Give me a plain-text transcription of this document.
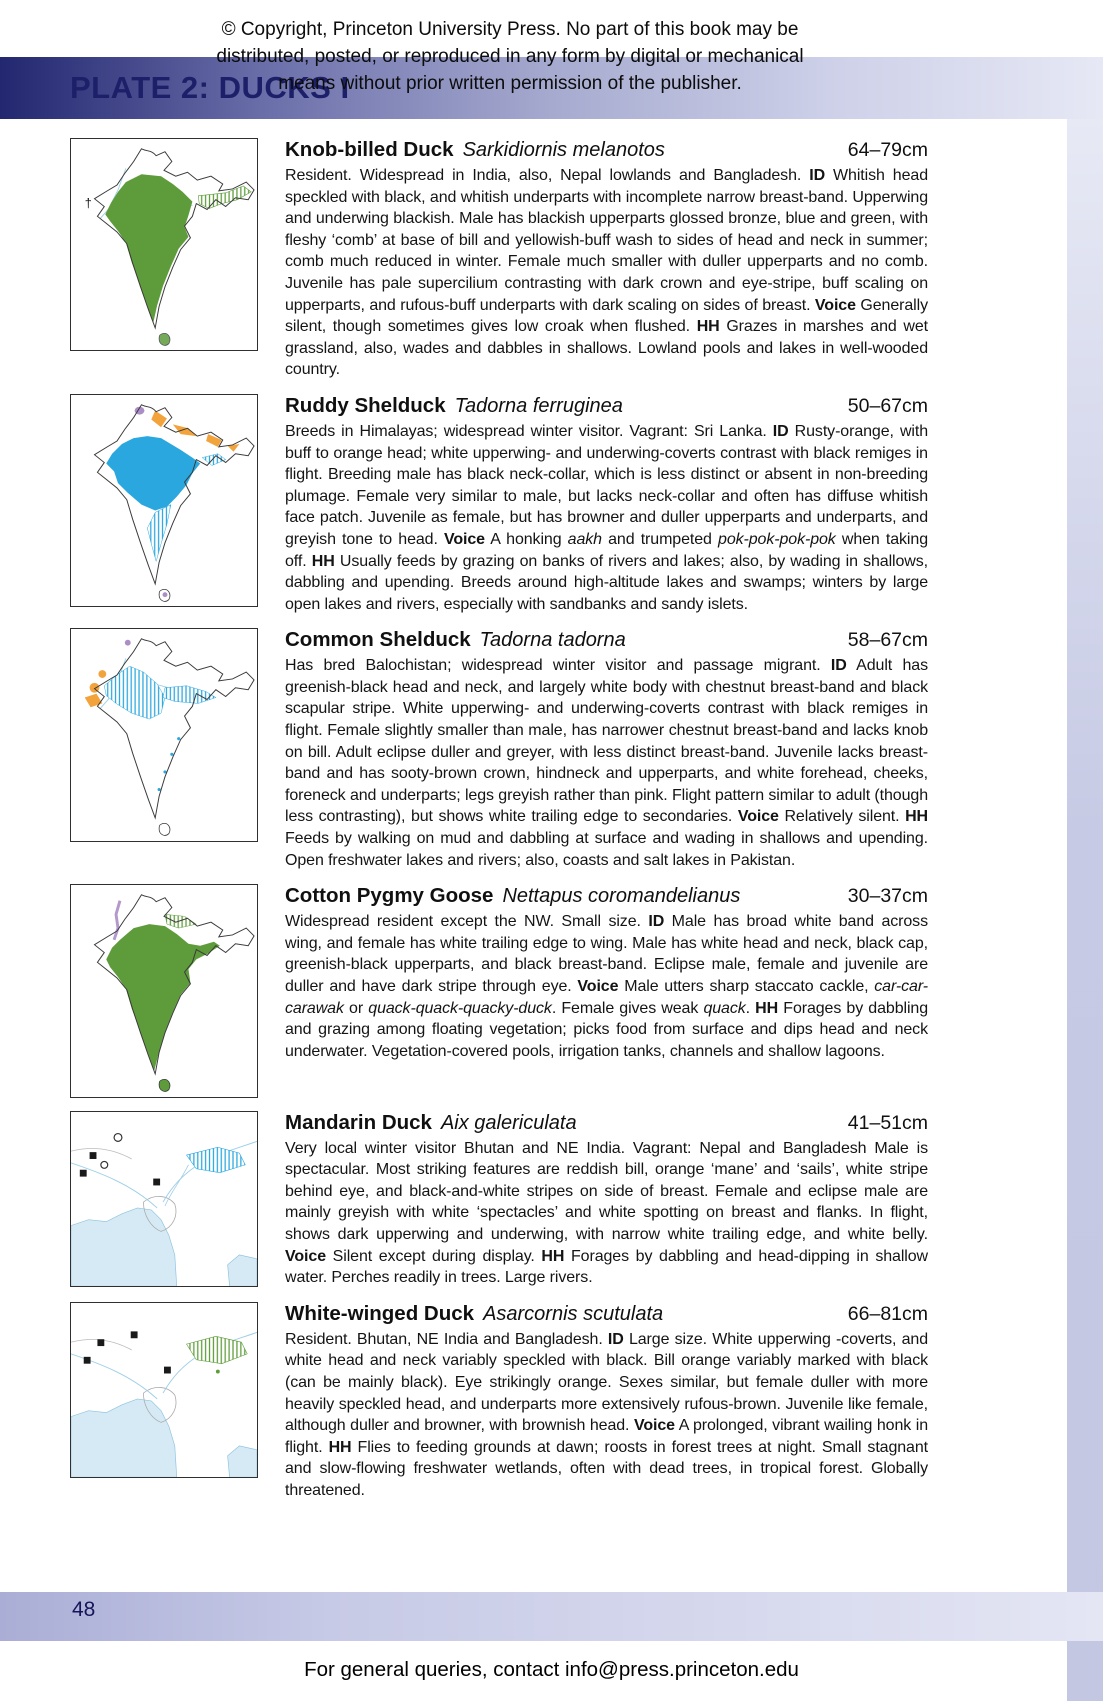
© Copyright, Princeton University Press. No part of this book may be
distributed, posted, or reproduced in any form by digital or mechanical
means without prior written permission of the publisher.
PLATE 2: DUCKS I
†
Knob-billed Duck Sarkidiornis melanotos	64–79cm

Resident. Widespread in India, also, Nepal lowlands and Bangladesh. ID Whitish head speckled with black, and whitish underparts with incomplete narrow breast-band. Upperwing and underwing blackish. Male has blackish upperparts glossed bronze, blue and green, with fleshy ‘comb’ at base of bill and yellowish-buff wash to sides of head and neck in summer; comb much reduced in winter. Female much smaller with duller upperparts and no comb. Juvenile has pale supercilium contrasting with dark crown and eye-stripe, buff scaling on upperparts, and rufous-buff underparts with dark scaling on sides of breast. Voice Generally silent, though sometimes gives low croak when flushed. HH Grazes in marshes and wet grassland, also, wades and dabbles in shallows. Lowland pools and lakes in well-wooded country.

Ruddy Shelduck Tadorna ferruginea	50–67cm

Breeds in Himalayas; widespread winter visitor. Vagrant: Sri Lanka. ID Rusty-orange, with buff to orange head; white upperwing- and underwing-coverts contrast with black remiges in flight. Breeding male has black neck-collar, which is less distinct or absent in non-breeding plumage. Female very similar to male, but lacks neck-collar and often has diffuse whitish face patch. Juvenile as female, but has browner and duller upperparts and underparts, and greyish tone to head. Voice A honking aakh and trumpeted pok-pok-pok-pok when taking off. HH Usually feeds by grazing on banks of rivers and lakes; also, by wading in shallows, dabbling and upending. Breeds around high-altitude lakes and swamps; winters by large open lakes and rivers, especially with sandbanks and sandy islets.

Common Shelduck Tadorna tadorna	58–67cm

Has bred Balochistan; widespread winter visitor and passage migrant. ID Adult has greenish-black head and neck, and largely white body with chestnut breast-band and black scapular stripe. White upperwing- and underwing-coverts contrast with black remiges in flight. Female slightly smaller than male, has narrower chestnut breast-band and lacks knob on bill. Adult eclipse duller and greyer, with less distinct breast-band. Juvenile lacks breast-band and has sooty-brown crown, hindneck and upperparts, and white forehead, cheeks, foreneck and underparts; legs greyish rather than pink. Flight pattern similar to adult (though less contrasting), but shows white trailing edge to secondaries. Voice Relatively silent. HH Feeds by walking on mud and dabbling at surface and wading in shallows and upending. Open freshwater lakes and rivers; also, coasts and salt lakes in Pakistan.

Cotton Pygmy Goose Nettapus coromandelianus	30–37cm

Widespread resident except the NW. Small size. ID Male has broad white band across wing, and female has white trailing edge to wing. Male has white head and neck, black cap, greenish-black upperparts, and black breast-band. Eclipse male, female and juvenile are duller and have dark stripe through eye. Voice Male utters sharp staccato cackle, car-car-carawak or quack-quack-quacky-duck. Female gives weak quack. HH Forages by dabbling and grazing among floating vegetation; picks food from surface and dips head and neck underwater. Vegetation-covered pools, irrigation tanks, channels and shallow lagoons.

Mandarin Duck Aix galericulata	41–51cm

Very local winter visitor Bhutan and NE India. Vagrant: Nepal and Bangladesh Male is spectacular. Most striking features are reddish bill, orange ‘mane’ and ‘sails’, white stripe behind eye, and black-and-white stripes on side of breast. Female and eclipse male are mainly greyish with white ‘spectacles’ and white spotting on breast and flanks. In flight, shows dark upperwing and underwing, with narrow white trailing edge, and white belly. Voice Silent except during display. HH Forages by dabbling and head-dipping in shallow water. Perches readily in trees. Large rivers.

White-winged Duck Asarcornis scutulata	66–81cm

Resident. Bhutan, NE India and Bangladesh. ID Large size. White upperwing -coverts, and white head and neck variably speckled with black. Bill orange variably marked with black (can be mainly black). Eye strikingly orange. Sexes similar, but female duller with more heavily speckled head, and underparts more extensively rufous-brown. Juvenile like female, although duller and browner, with brownish head. Voice A prolonged, vibrant wailing honk in flight. HH Flies to feeding grounds at dawn; roosts in forest trees at night. Small stagnant and slow-flowing freshwater wetlands, often with dead trees, in tropical forest. Globally threatened.

48
For general queries, contact info@press.princeton.edu
